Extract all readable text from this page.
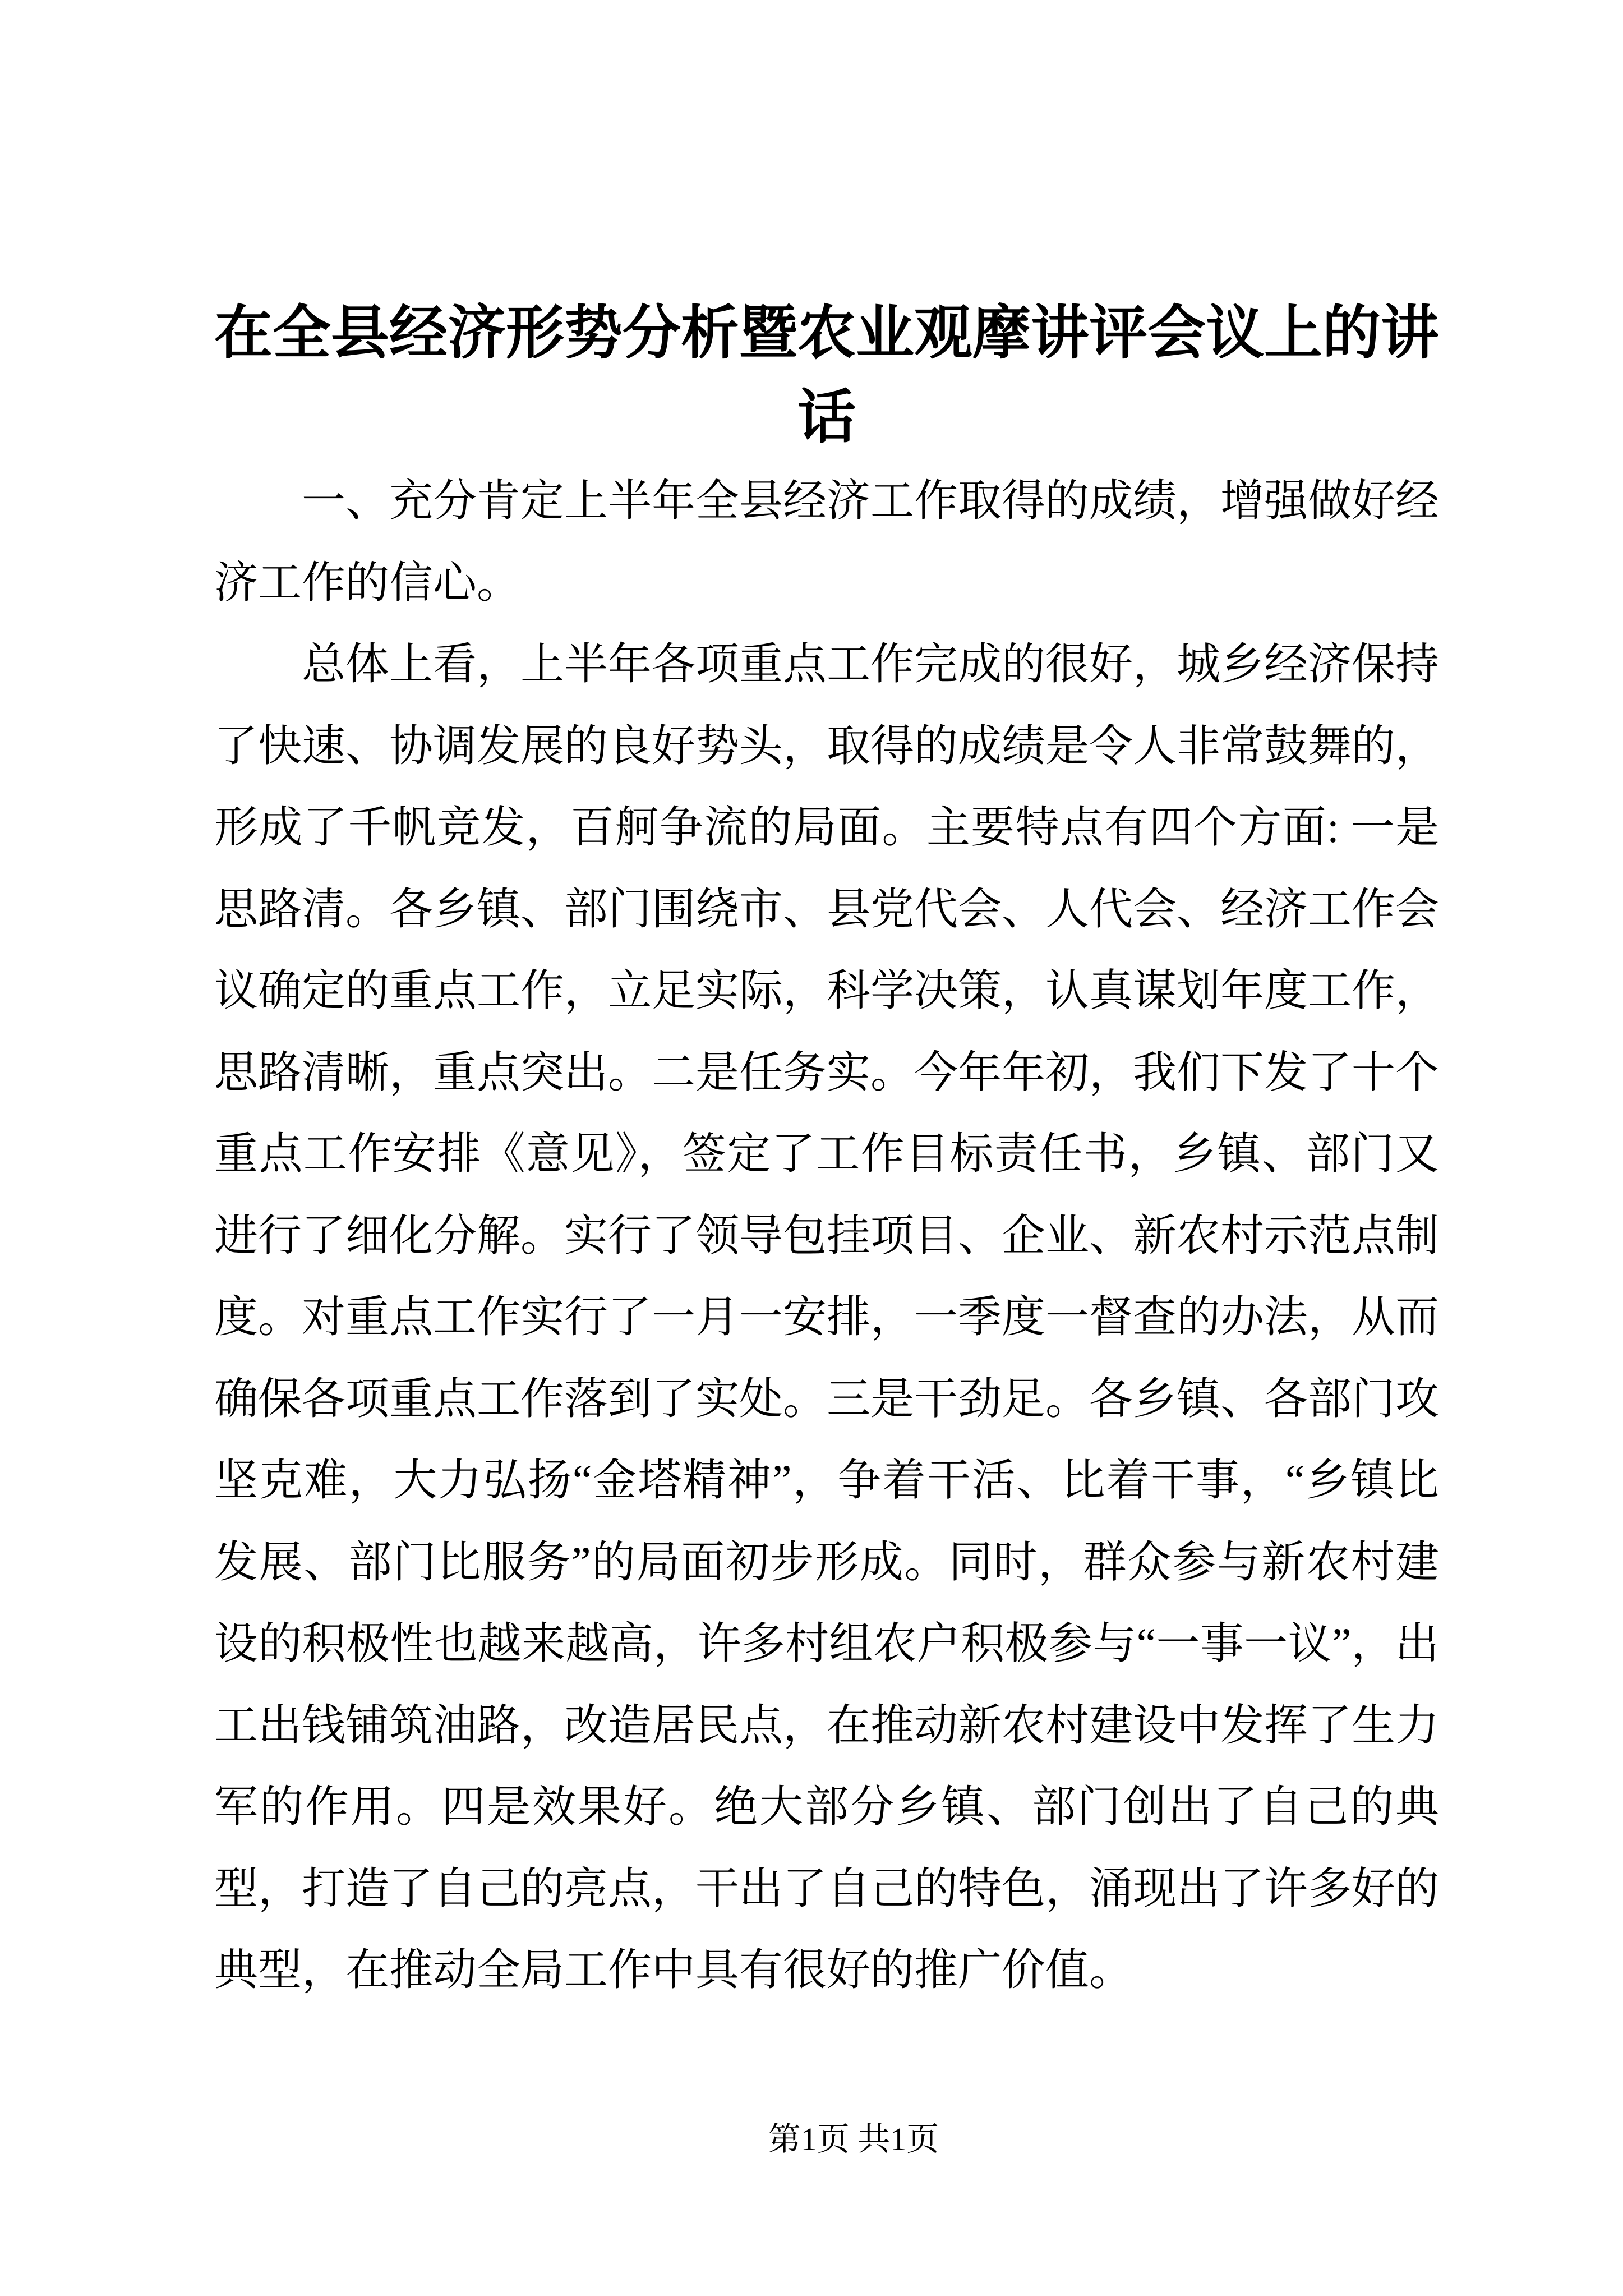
在全县经济形势分析暨农业观摩讲评会议上的讲话

一、充分肯定上半年全县经济工作取得的成绩，增强做好经济工作的信心。

总体上看，上半年各项重点工作完成的很好，城乡经济保持了快速、协调发展的良好势头，取得的成绩是令人非常鼓舞的，形成了千帆竞发，百舸争流的局面。主要特点有四个方面: 一是思路清。各乡镇、部门围绕市、县党代会、人代会、经济工作会议确定的重点工作，立足实际，科学决策，认真谋划年度工作，思路清晰，重点突出。二是任务实。今年年初，我们下发了十个重点工作安排《意见》，签定了工作目标责任书，乡镇、部门又进行了细化分解。实行了领导包挂项目、企业、新农村示范点制度。对重点工作实行了一月一安排，一季度一督查的办法，从而确保各项重点工作落到了实处。三是干劲足。各乡镇、各部门攻坚克难，大力弘扬“金塔精神”，争着干活、比着干事，“乡镇比发展、部门比服务”的局面初步形成。同时，群众参与新农村建设的积极性也越来越高，许多村组农户积极参与“一事一议”，出工出钱铺筑油路，改造居民点，在推动新农村建设中发挥了生力军的作用。四是效果好。绝大部分乡镇、部门创出了自己的典型，打造了自己的亮点，干出了自己的特色，涌现出了许多好的典型，在推动全局工作中具有很好的推广价值。

第1页 共1页
